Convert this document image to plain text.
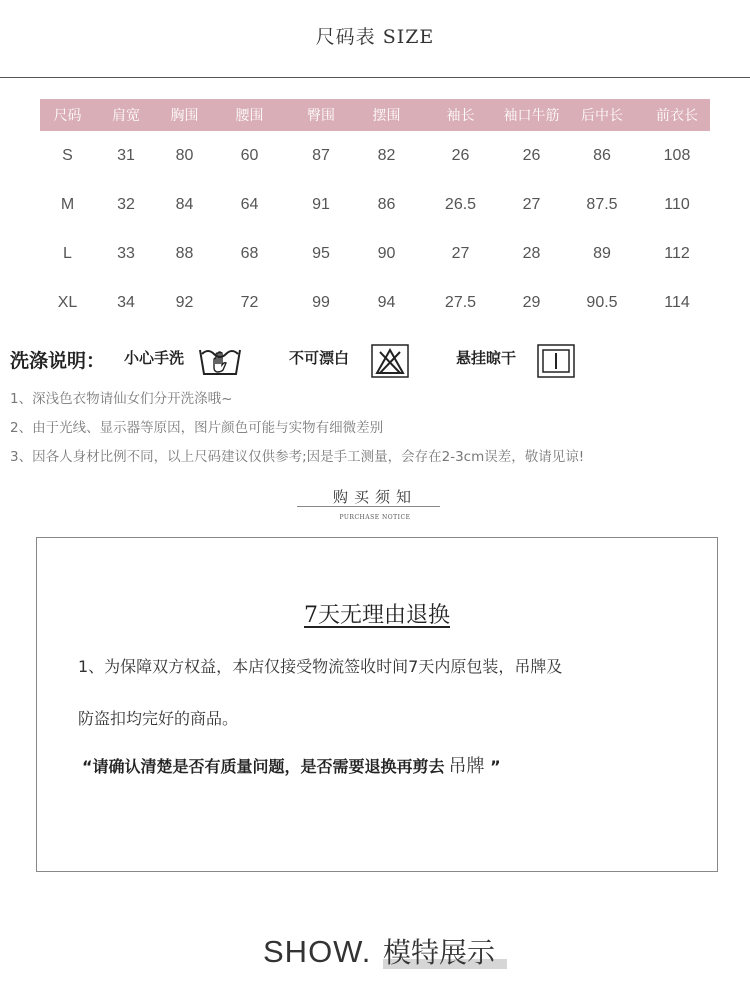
尺码表 SIZE
尺码	肩宽	胸围	腰围	臀围	摆围	袖长	袖口牛筋	后中长	前衣长
S	31	80	60	87	82	26	26	86	108
M	32	84	64	91	86	26.5	27	87.5	110
L	33	88	68	95	90	27	28	89	112
XL	34	92	72	99	94	27.5	29	90.5	114
洗涤说明： 小心手洗	不可漂白	悬挂晾干
1、深浅色衣物请仙女们分开洗涤哦~
2、由于光线、显示器等原因，图片颜色可能与实物有细微差别
3、因各人身材比例不同，以上尺码建议仅供参考;因是手工测量，会存在2-3cm误差，敬请见谅!
购买须知
PURCHASE NOTICE
7天无理由退换
1、为保障双方权益，本店仅接受物流签收时间7天内原包装，吊牌及
防盗扣均完好的商品。
“请确认清楚是否有质量问题，是否需要退换再剪去 吊牌 ”
SHOW. 模特展示
